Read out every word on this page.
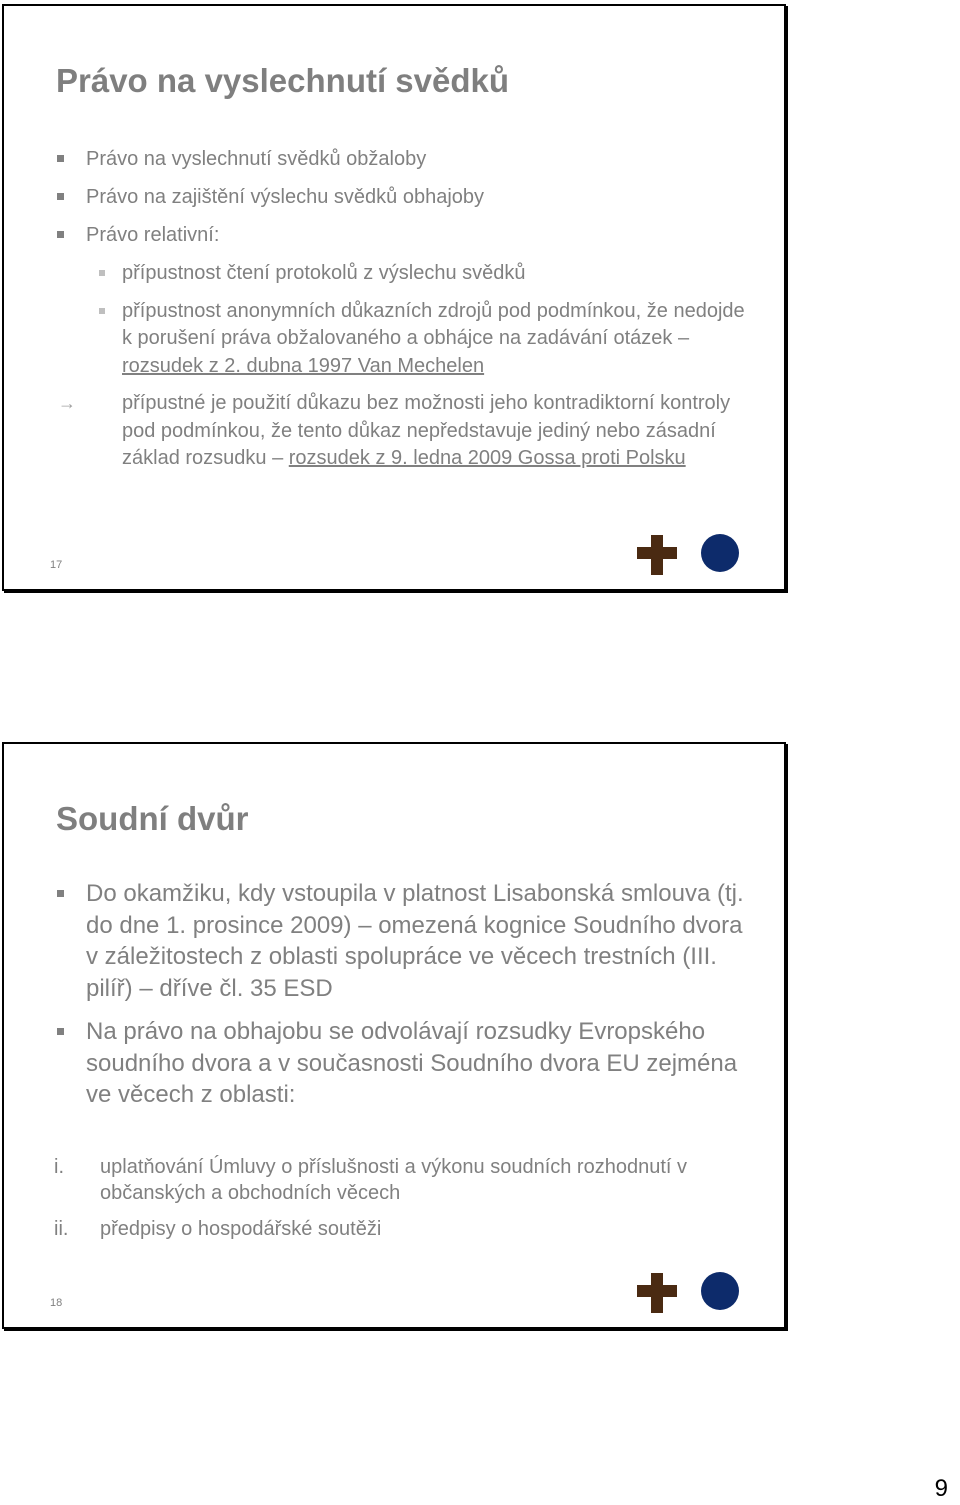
Právo na vyslechnutí svědků
Právo na vyslechnutí svědků obžaloby
Právo na zajištění výslechu svědků obhajoby
Právo relativní:
přípustnost čtení protokolů z výslechu svědků
přípustnost anonymních důkazních zdrojů pod podmínkou, že nedojde k porušení práva obžalovaného a obhájce na zadávání otázek – rozsudek z 2. dubna 1997 Van Mechelen
→ přípustné je použití důkazu bez možnosti jeho kontradiktorní kontroly pod podmínkou, že tento důkaz nepředstavuje jediný nebo zásadní základ rozsudku – rozsudek z 9. ledna 2009 Gossa proti Polsku
17
Soudní dvůr
Do okamžiku, kdy vstoupila v platnost Lisabonská smlouva (tj. do dne 1. prosince 2009) – omezená kognice Soudního dvora v záležitostech z oblasti spolupráce ve věcech trestních (III. pilíř) – dříve čl. 35 ESD
Na právo na obhajobu se odvolávají rozsudky Evropského soudního dvora a v současnosti Soudního dvora EU zejména ve věcech z oblasti:
i. uplatňování Úmluvy o příslušnosti a výkonu soudních rozhodnutí v občanských a obchodních věcech
ii. předpisy o hospodářské soutěži
18
9
